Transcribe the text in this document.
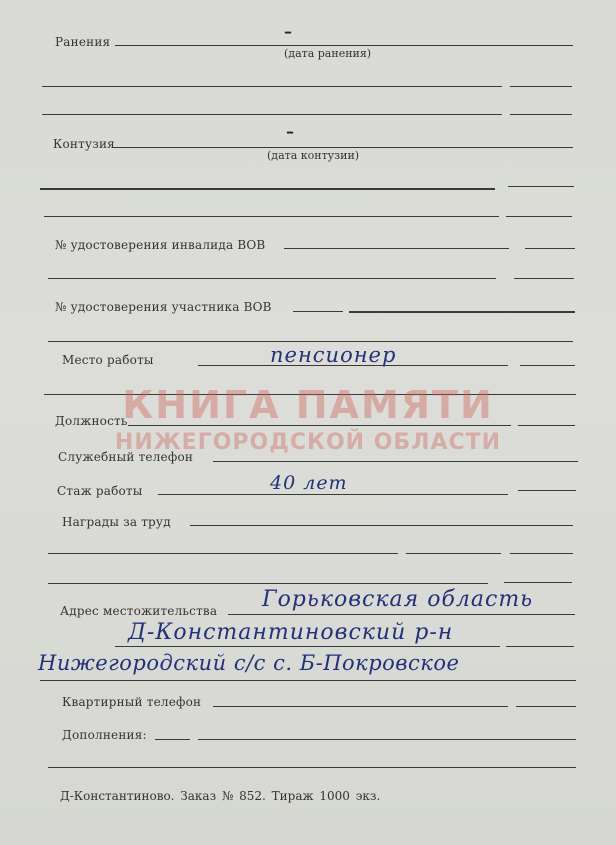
Ранения
–
(дата ранения)
Контузия
–
(дата контузии)
№ удостоверения инвалида ВОВ
№ удостоверения участника ВОВ
Место работы	пенсионер
КНИГА ПАМЯТИ
НИЖЕГОРОДСКОЙ ОБЛАСТИ
Должность
Служебный телефон
Стаж работы	40 лет
Награды за труд
Адрес местожительства Горьковская область
Д-Константиновский р-н
Нижегородский с/с с. Б-Покровское
Квартирный телефон
Дополнения:
Д-Константиново. Заказ № 852. Тираж 1000 экз.
